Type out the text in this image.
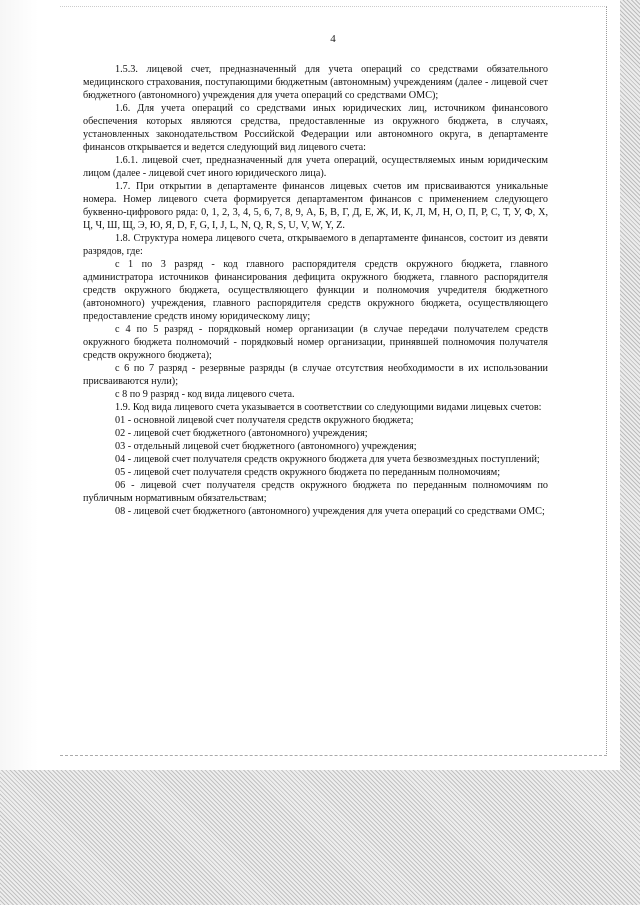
4

1.5.3. лицевой счет, предназначенный для учета операций со средствами обязательного медицинского страхования, поступающими бюджетным (автономным) учреждениям (далее - лицевой счет бюджетного (автономного) учреждения для учета операций со средствами ОМС);

1.6. Для учета операций со средствами иных юридических лиц, источником финансового обеспечения которых являются средства, предоставленные из окружного бюджета, в случаях, установленных законодательством Российской Федерации или автономного округа, в департаменте финансов открывается и ведется следующий вид лицевого счета:

1.6.1. лицевой счет, предназначенный для учета операций, осуществляемых иным юридическим лицом (далее - лицевой счет иного юридического лица).

1.7. При открытии в департаменте финансов лицевых счетов им присваиваются уникальные номера. Номер лицевого счета формируется департаментом финансов с применением следующего буквенно-цифрового ряда: 0, 1, 2, 3, 4, 5, 6, 7, 8, 9, А, Б, В, Г, Д, Е, Ж, И, К, Л, М, Н, О, П, Р, С, Т, У, Ф, Х, Ц, Ч, Ш, Щ, Э, Ю, Я, D, F, G, I, J, L, N, Q, R, S, U, V, W, Y, Z.

1.8. Структура номера лицевого счета, открываемого в департаменте финансов, состоит из девяти разрядов, где:

с 1 по 3 разряд - код главного распорядителя средств окружного бюджета, главного администратора источников финансирования дефицита окружного бюджета, главного распорядителя средств окружного бюджета, осуществляющего функции и полномочия учредителя бюджетного (автономного) учреждения, главного распорядителя средств окружного бюджета, осуществляющего предоставление средств иному юридическому лицу;

с 4 по 5 разряд - порядковый номер организации (в случае передачи получателем средств окружного бюджета полномочий - порядковый номер организации, принявшей полномочия получателя средств окружного бюджета);

с 6 по 7 разряд - резервные разряды (в случае отсутствия необходимости в их использовании присваиваются нули);

с 8 по 9 разряд - код вида лицевого счета.

1.9. Код вида лицевого счета указывается в соответствии со следующими видами лицевых счетов:

01 - основной лицевой счет получателя средств окружного бюджета;

02 - лицевой счет бюджетного (автономного) учреждения;

03 - отдельный лицевой счет бюджетного (автономного) учреждения;

04 - лицевой счет получателя средств окружного бюджета для учета безвозмездных поступлений;

05 - лицевой счет получателя средств окружного бюджета по переданным полномочиям;

06 - лицевой счет получателя средств окружного бюджета по переданным полномочиям по публичным нормативным обязательствам;

08 - лицевой счет бюджетного (автономного) учреждения для учета операций со средствами ОМС;
